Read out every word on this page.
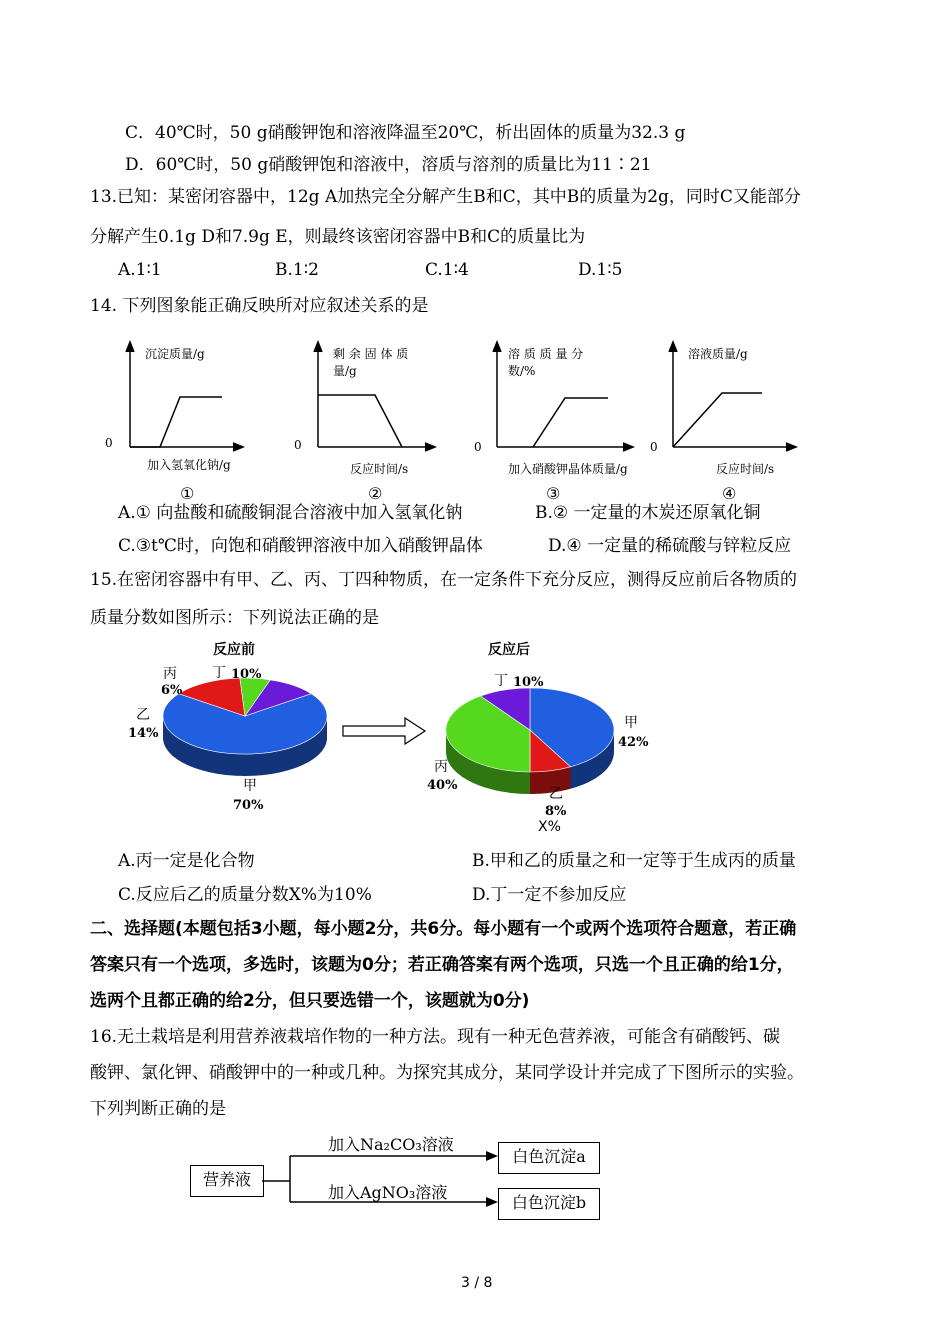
C．40℃时，50 g硝酸钾饱和溶液降温至20℃，析出固体的质量为32.3 g
D．60℃时，50 g硝酸钾饱和溶液中，溶质与溶剂的质量比为11∶21
13.已知：某密闭容器中，12g A加热完全分解产生B和C，其中B的质量为2g，同时C又能部分
分解产生0.1g D和7.9g E，则最终该密闭容器中B和C的质量比为
A.1∶1	B.1∶2	C.1∶4	D.1∶5
14. 下列图象能正确反映所对应叙述关系的是
沉淀质量/g
0
加入氢氧化钠/g
①
剩 余 固 体 质
量/g
0
反应时间/s
②
溶 质 质 量 分
数/%
0
加入硝酸钾晶体质量/g
③
溶液质量/g
0
反应时间/s
④
A.① 向盐酸和硫酸铜混合溶液中加入氢氧化钠	B.② 一定量的木炭还原氧化铜
C.③t℃时，向饱和硝酸钾溶液中加入硝酸钾晶体	D.④ 一定量的稀硫酸与锌粒反应
15.在密闭容器中有甲、乙、丙、丁四种物质，在一定条件下充分反应，测得反应前后各物质的
质量分数如图所示：下列说法正确的是
反应前
丙
6%
丁 10%
乙
14%
甲
70%
反应后
丁 10%
甲
42%
丙
40%
乙
8%
X%
A.丙一定是化合物	B.甲和乙的质量之和一定等于生成丙的质量
C.反应后乙的质量分数X%为10%	D.丁一定不参加反应
二、选择题(本题包括3小题，每小题2分，共6分。每小题有一个或两个选项符合题意，若正确
答案只有一个选项，多选时，该题为0分；若正确答案有两个选项，只选一个且正确的给1分，
选两个且都正确的给2分，但只要选错一个，该题就为0分)
16.无土栽培是利用营养液栽培作物的一种方法。现有一种无色营养液，可能含有硝酸钙、碳
酸钾、氯化钾、硝酸钾中的一种或几种。为探究其成分，某同学设计并完成了下图所示的实验。
下列判断正确的是
营养液
加入Na₂CO₃溶液
加入AgNO₃溶液
白色沉淀a
白色沉淀b
3 / 8
